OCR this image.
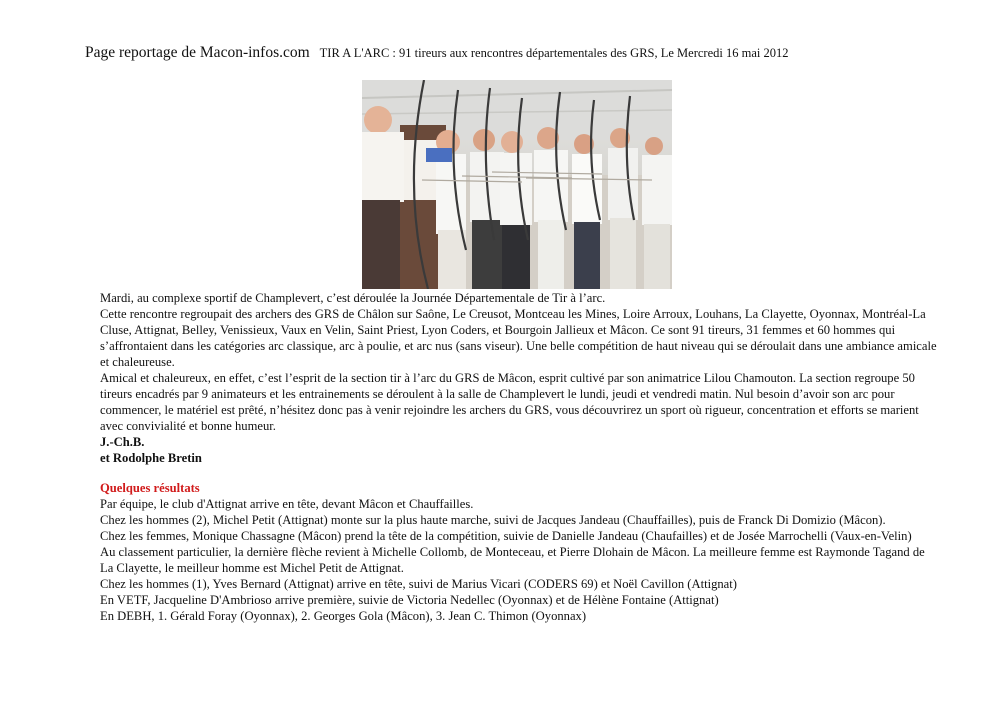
Page reportage de Macon-infos.com TIR A L'ARC : 91 tireurs aux rencontres départementales des GRS, Le Mercredi 16 mai 2012

Mardi, au complexe sportif de Champlevert, c’est déroulée la Journée Départementale de Tir à l’arc.

Cette rencontre regroupait des archers des GRS de Châlon sur Saône, Le Creusot, Montceau les Mines, Loire Arroux, Louhans, La Clayette, Oyonnax, Montréal-La Cluse, Attignat, Belley, Venissieux, Vaux en Velin, Saint Priest, Lyon Coders, et Bourgoin Jallieux et Mâcon. Ce sont 91 tireurs, 31 femmes et 60 hommes qui s’affrontaient dans les catégories arc classique, arc à poulie, et arc nus (sans viseur). Une belle compétition de haut niveau qui se déroulait dans une ambiance amicale et chaleureuse.

Amical et chaleureux, en effet, c’est l’esprit de la section tir à l’arc du GRS de Mâcon, esprit cultivé par son animatrice Lilou Chamouton. La section regroupe 50 tireurs encadrés par 9 animateurs et les entrainements se déroulent à la salle de Champlevert le lundi, jeudi et vendredi matin. Nul besoin d’avoir son arc pour commencer, le matériel est prêté, n’hésitez donc pas à venir rejoindre les archers du GRS, vous découvrirez un sport où rigueur, concentration et efforts se marient avec convivialité et bonne humeur.

J.-Ch.B.

et Rodolphe Bretin

Quelques résultats

Par équipe, le club d'Attignat arrive en tête, devant Mâcon et Chauffailles.

Chez les hommes (2), Michel Petit (Attignat) monte sur la plus haute marche, suivi de Jacques Jandeau (Chauffailles), puis de Franck Di Domizio (Mâcon).

Chez les femmes, Monique Chassagne (Mâcon) prend la tête de la compétition, suivie de Danielle Jandeau (Chaufailles) et de Josée Marrochelli (Vaux-en-Velin)

Au classement particulier, la dernière flèche revient à Michelle Collomb, de Monteceau, et Pierre Dlohain de Mâcon. La meilleure femme est Raymonde Tagand de La Clayette, le meilleur homme est Michel Petit de Attignat.

Chez les hommes (1), Yves Bernard (Attignat) arrive en tête, suivi de Marius Vicari (CODERS 69) et Noël Cavillon (Attignat)

En VETF, Jacqueline D'Ambrioso arrive première, suivie de Victoria Nedellec (Oyonnax) et de Hélène Fontaine (Attignat)

En DEBH, 1. Gérald Foray (Oyonnax), 2. Georges Gola (Mâcon), 3. Jean C. Thimon (Oyonnax)
